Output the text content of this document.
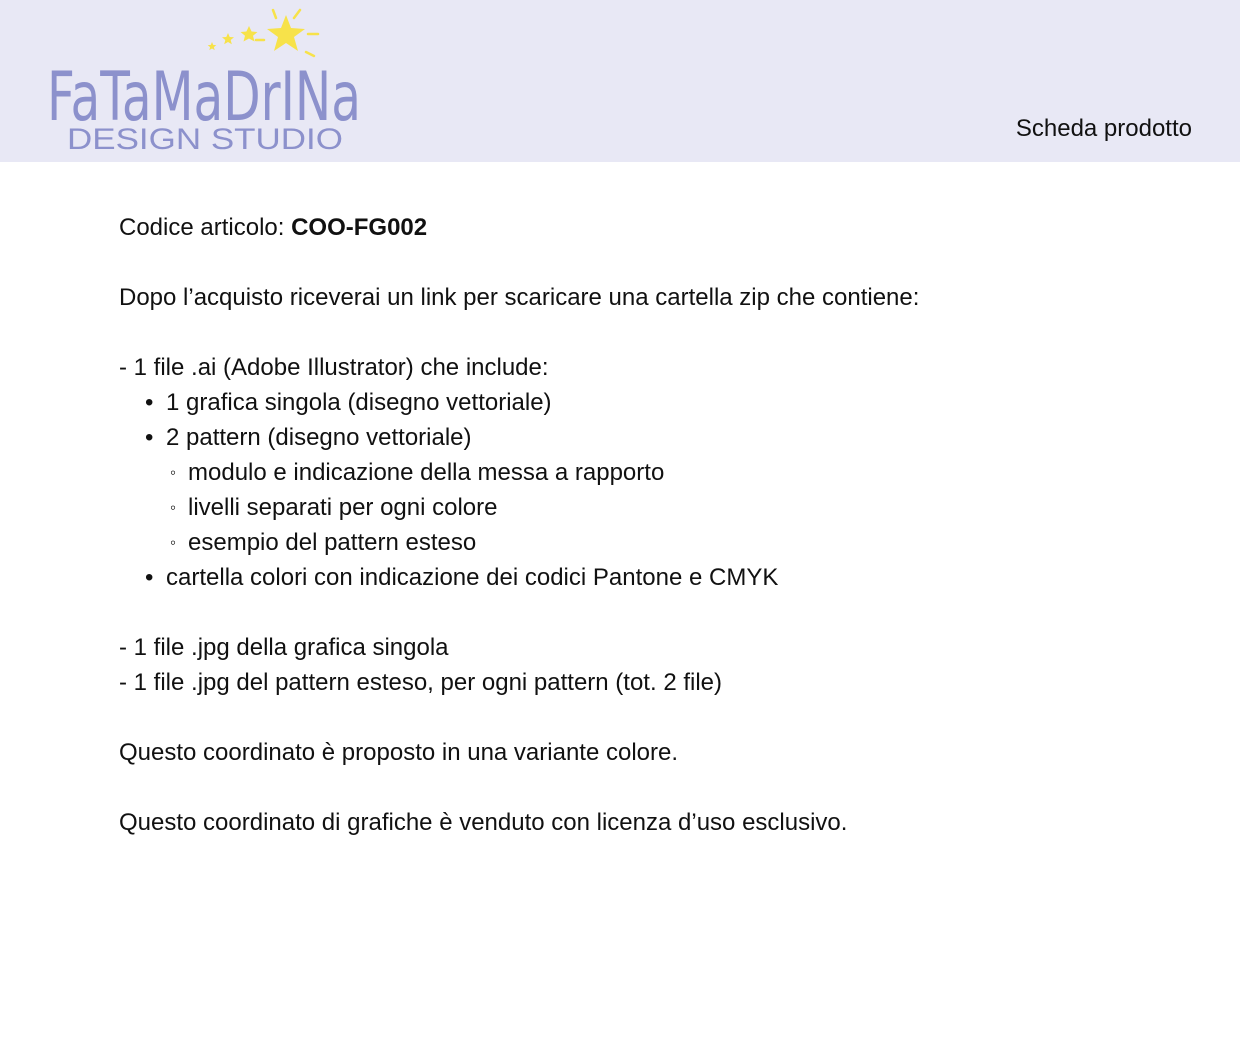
FaTaMaDrINa
DESIGN STUDIO	Scheda prodotto
Codice articolo: COO-FG002
Dopo l’acquisto riceverai un link per scaricare una cartella zip che contiene:
- 1 file .ai (Adobe Illustrator) che include:
• 1 grafica singola (disegno vettoriale)
• 2 pattern (disegno vettoriale)
◦ modulo e indicazione della messa a rapporto
◦ livelli separati per ogni colore
◦ esempio del pattern esteso
• cartella colori con indicazione dei codici Pantone e CMYK
- 1 file .jpg della grafica singola
- 1 file .jpg del pattern esteso, per ogni pattern (tot. 2 file)
Questo coordinato è proposto in una variante colore.
Questo coordinato di grafiche è venduto con licenza d’uso esclusivo.
